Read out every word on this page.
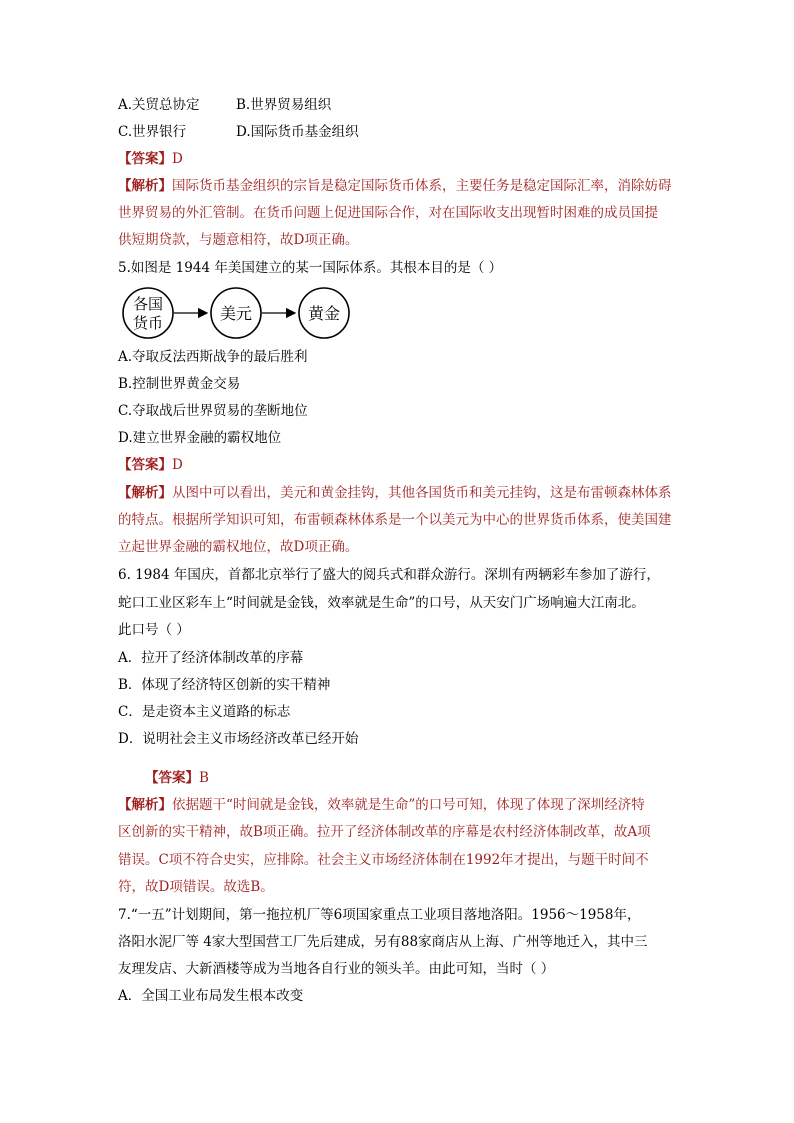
A.关贸总协定	B.世界贸易组织
C.世界银行	D.国际货币基金组织
【答案】D
【解析】国际货币基金组织的宗旨是稳定国际货币体系，主要任务是稳定国际汇率，消除妨碍
世界贸易的外汇管制。在货币问题上促进国际合作，对在国际收支出现暂时困难的成员国提
供短期贷款，与题意相符，故D项正确。
5.如图是 1944 年美国建立的某一国际体系。其根本目的是（ ）
各国
货币	美元	黄金
A.夺取反法西斯战争的最后胜利
B.控制世界黄金交易
C.夺取战后世界贸易的垄断地位
D.建立世界金融的霸权地位
【答案】D
【解析】从图中可以看出，美元和黄金挂钩，其他各国货币和美元挂钩，这是布雷顿森林体系
的特点。根据所学知识可知，布雷顿森林体系是一个以美元为中心的世界货币体系，使美国建
立起世界金融的霸权地位，故D项正确。
6. 1984 年国庆，首都北京举行了盛大的阅兵式和群众游行。深圳有两辆彩车参加了游行，
蛇口工业区彩车上“时间就是金钱，效率就是生命”的口号，从天安门广场响遍大江南北。
此口号（ ）
A．拉开了经济体制改革的序幕
B．体现了经济特区创新的实干精神
C．是走资本主义道路的标志
D．说明社会主义市场经济改革已经开始
【答案】B
【解析】依据题干“时间就是金钱，效率就是生命”的口号可知，体现了体现了深圳经济特
区创新的实干精神，故B项正确。拉开了经济体制改革的序幕是农村经济体制改革，故A项
错误。C项不符合史实，应排除。社会主义市场经济体制在1992年才提出，与题干时间不
符，故D项错误。故选B。
7.“一五”计划期间，第一拖拉机厂等6项国家重点工业项目落地洛阳。1956～1958年，
洛阳水泥厂等 4家大型国营工厂先后建成，另有88家商店从上海、广州等地迁入，其中三
友理发店、大新酒楼等成为当地各自行业的领头羊。由此可知，当时（ ）
A．全国工业布局发生根本改变
